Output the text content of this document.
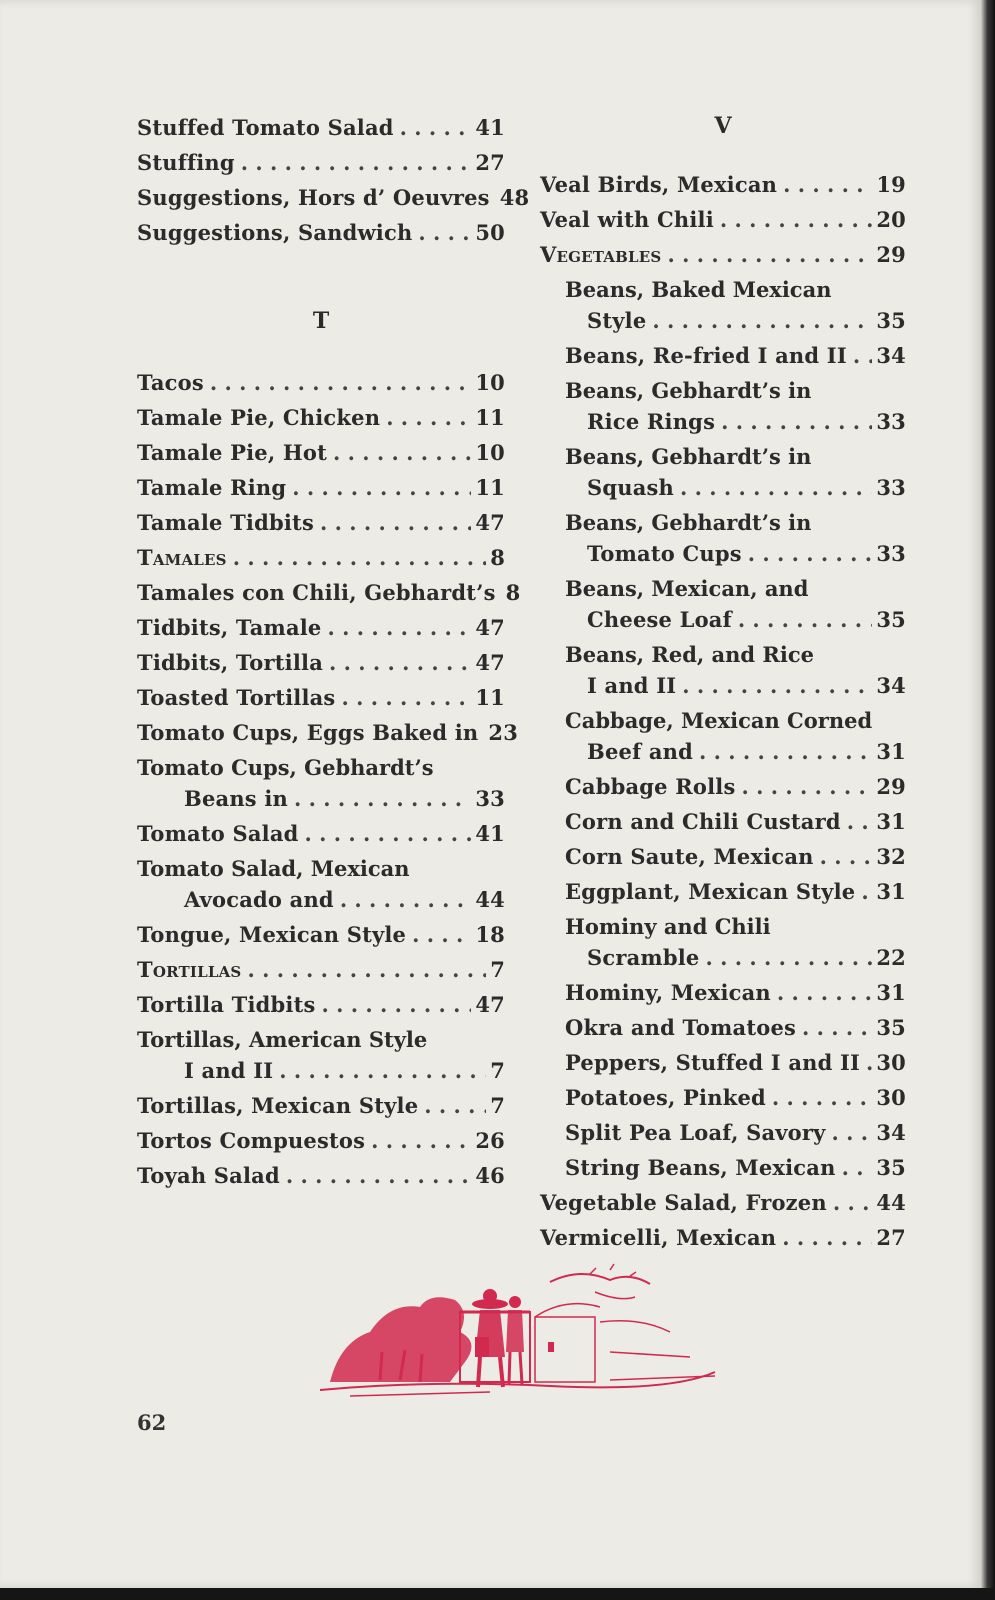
Stuffed Tomato Salad . . .	41
Stuffing . . .	27
Suggestions, Hors d’ Oeuvres 48
Suggestions, Sandwich . . .	50
T
Tacos . . .	10
Tamale Pie, Chicken . . .	11
Tamale Pie, Hot . . .	10
Tamale Ring . . .	11
Tamale Tidbits . . .	47
Tamales . . .	8
Tamales con Chili, Gebhardt’s 8
Tidbits, Tamale . . .	47
Tidbits, Tortilla . . .	47
Toasted Tortillas . . .	11
Tomato Cups, Eggs Baked in 23
Tomato Cups, Gebhardt’s
Beans in . . .	33
Tomato Salad . . .	41
Tomato Salad, Mexican
Avocado and . . .	44
Tongue, Mexican Style . . .	18
Tortillas . . .	7
Tortilla Tidbits . . .	47
Tortillas, American Style
I and II . . .	7
Tortillas, Mexican Style . . .	7
Tortos Compuestos . . .	26
Toyah Salad . . .	46
V
Veal Birds, Mexican . . .	19
Veal with Chili . . .	20
Vegetables . . .	29
Beans, Baked Mexican
Style . . .	35
Beans, Re-fried I and II . . . 34
Beans, Gebhardt’s in
Rice Rings . . .	33
Beans, Gebhardt’s in
Squash . . .	33
Beans, Gebhardt’s in
Tomato Cups . . .	33
Beans, Mexican, and
Cheese Loaf . . .	35
Beans, Red, and Rice
I and II . . .	34
Cabbage, Mexican Corned
Beef and . . .	31
Cabbage Rolls . . .	29
Corn and Chili Custard . . . 31
Corn Saute, Mexican . . .	32
Eggplant, Mexican Style . . . 31
Hominy and Chili
Scramble . . .	22
Hominy, Mexican . . .	31
Okra and Tomatoes . . .	35
Peppers, Stuffed I and II . . . 30
Potatoes, Pinked . . .	30
Split Pea Loaf, Savory . . . 34
String Beans, Mexican . . . 35
Vegetable Salad, Frozen . . . 44
Vermicelli, Mexican . . .	27
62
